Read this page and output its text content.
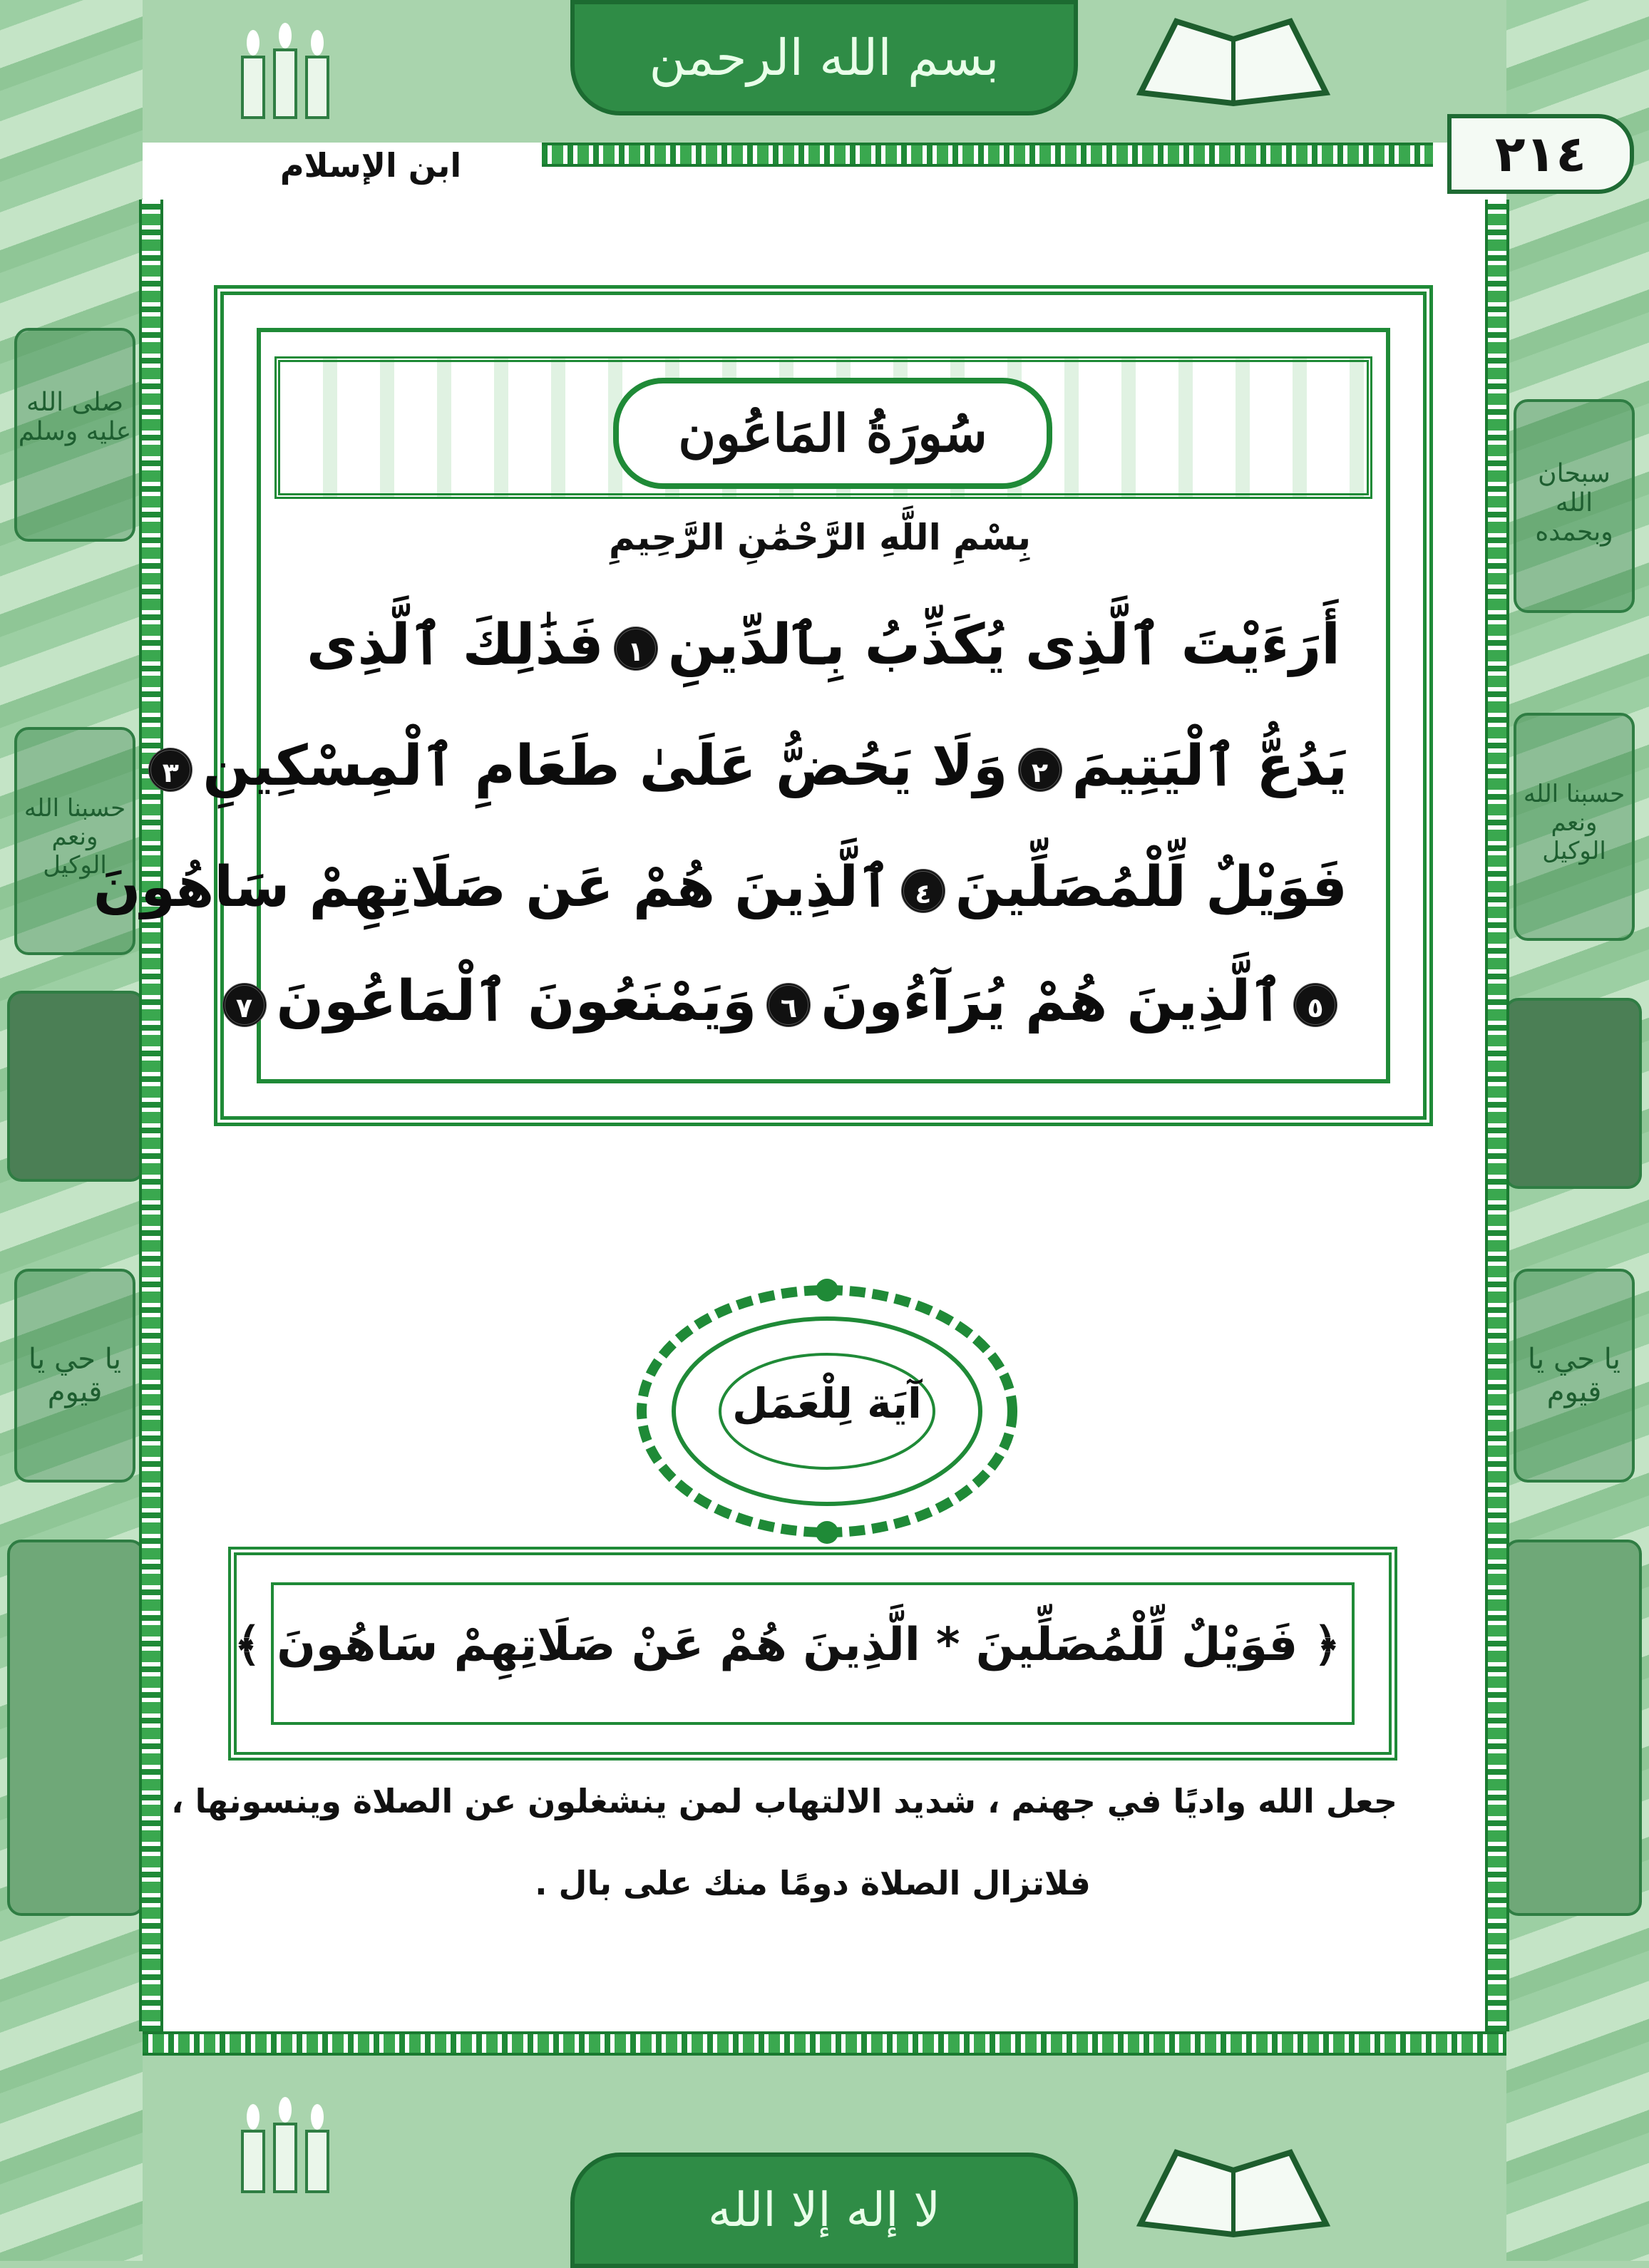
صلى الله عليه وسلم
حسبنا الله ونعم الوكيل
يا حي يا قيوم
سبحان الله وبحمده
حسبنا الله ونعم الوكيل
يا حي يا قيوم
بسم الله الرحمن
٢١٤
ابن الإسلام
سُورَةُ المَاعُون
بِسْمِ اللَّهِ الرَّحْمَٰنِ الرَّحِيمِ
أَرَءَيْتَ ٱلَّذِى يُكَذِّبُ بِٱلدِّينِ١فَذَٰلِكَ ٱلَّذِى
يَدُعُّ ٱلْيَتِيمَ٢وَلَا يَحُضُّ عَلَىٰ طَعَامِ ٱلْمِسْكِينِ٣
فَوَيْلٌ لِّلْمُصَلِّينَ٤ٱلَّذِينَ هُمْ عَن صَلَاتِهِمْ سَاهُونَ
٥ٱلَّذِينَ هُمْ يُرَآءُونَ٦وَيَمْنَعُونَ ٱلْمَاعُونَ٧
آيَة لِلْعَمَل
﴿ فَوَيْلٌ لِّلْمُصَلِّينَ * الَّذِينَ هُمْ عَنْ صَلَاتِهِمْ سَاهُونَ ﴾
جعل الله واديًا في جهنم ، شديد الالتهاب لمن ينشغلون عن الصلاة وينسونها ،
فلاتزال الصلاة دومًا منك على بال .
لا إله إلا الله
